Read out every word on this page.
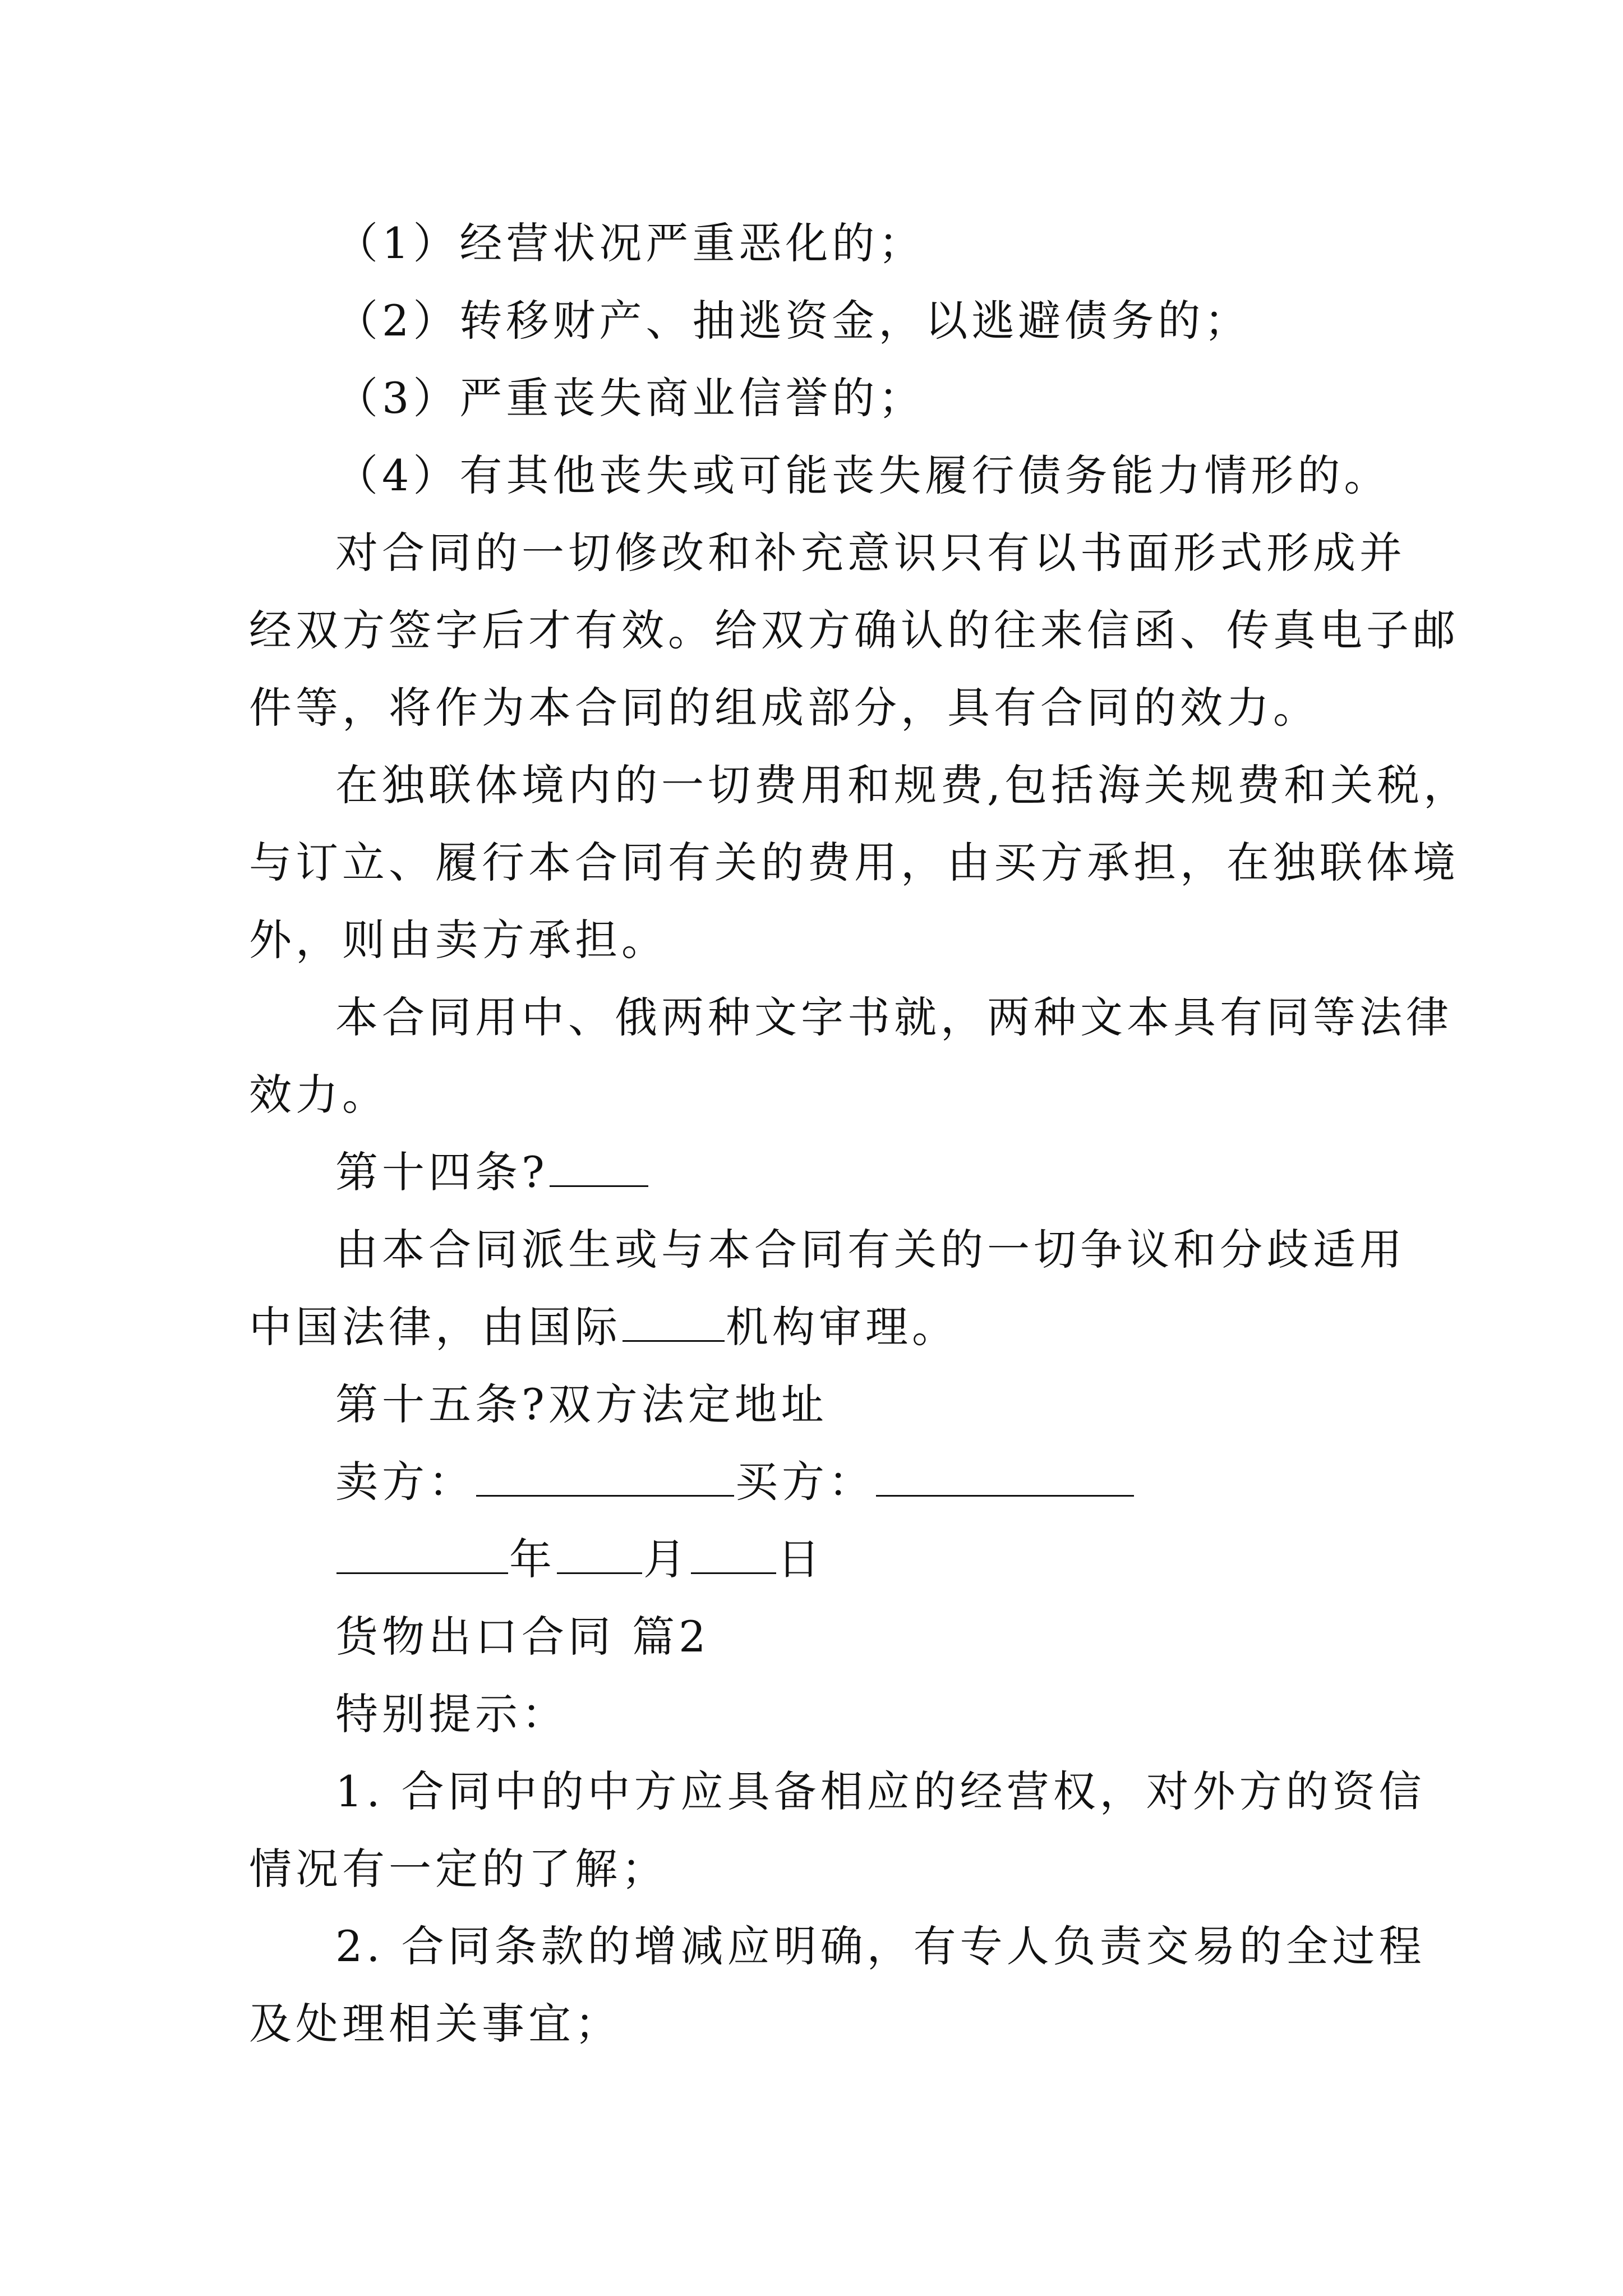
（1）经营状况严重恶化的；
（2）转移财产、抽逃资金，以逃避债务的；
（3）严重丧失商业信誉的；
（4）有其他丧失或可能丧失履行债务能力情形的。
对合同的一切修改和补充意识只有以书面形式形成并
经双方签字后才有效。给双方确认的往来信函、传真电子邮
件等，将作为本合同的组成部分，具有合同的效力。
在独联体境内的一切费用和规费,包括海关规费和关税，
与订立、履行本合同有关的费用，由买方承担，在独联体境
外，则由卖方承担。
本合同用中、俄两种文字书就，两种文本具有同等法律
效力。
第十四条?
由本合同派生或与本合同有关的一切争议和分歧适用
中国法律，由国际 机构审理。
第十五条?双方法定地址
卖方：	买方：
年 月 日
货物出口合同 篇2
特别提示：
1. 合同中的中方应具备相应的经营权，对外方的资信
情况有一定的了解；
2. 合同条款的增减应明确，有专人负责交易的全过程
及处理相关事宜；
